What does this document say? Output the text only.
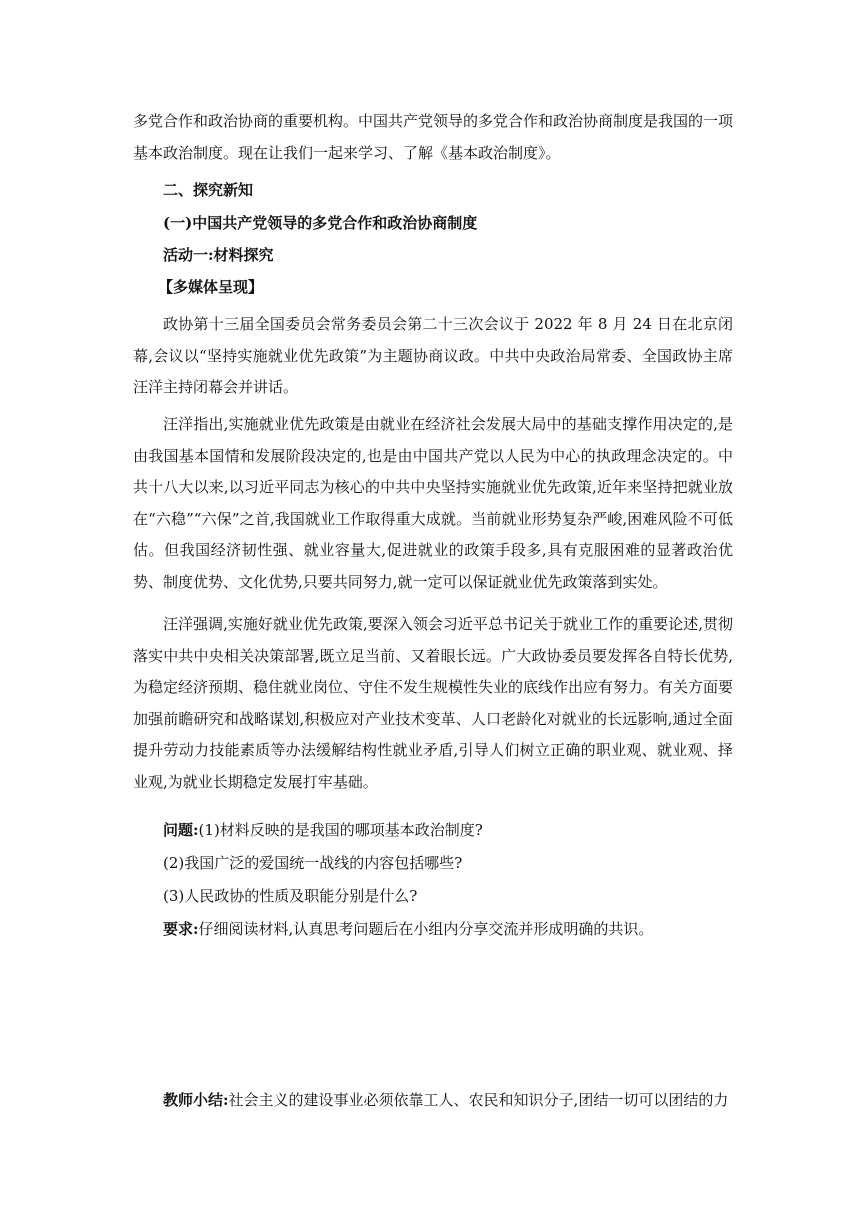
多党合作和政治协商的重要机构。中国共产党领导的多党合作和政治协商制度是我国的一项基本政治制度。现在让我们一起来学习、了解《基本政治制度》。
二、探究新知
(一)中国共产党领导的多党合作和政治协商制度
活动一:材料探究
【多媒体呈现】
政协第十三届全国委员会常务委员会第二十三次会议于 2022 年 8 月 24 日在北京闭幕,会议以“坚持实施就业优先政策”为主题协商议政。中共中央政治局常委、全国政协主席汪洋主持闭幕会并讲话。
汪洋指出,实施就业优先政策是由就业在经济社会发展大局中的基础支撑作用决定的,是由我国基本国情和发展阶段决定的,也是由中国共产党以人民为中心的执政理念决定的。中共十八大以来,以习近平同志为核心的中共中央坚持实施就业优先政策,近年来坚持把就业放在“六稳”“六保”之首,我国就业工作取得重大成就。当前就业形势复杂严峻,困难风险不可低估。但我国经济韧性强、就业容量大,促进就业的政策手段多,具有克服困难的显著政治优势、制度优势、文化优势,只要共同努力,就一定可以保证就业优先政策落到实处。
汪洋强调,实施好就业优先政策,要深入领会习近平总书记关于就业工作的重要论述,贯彻落实中共中央相关决策部署,既立足当前、又着眼长远。广大政协委员要发挥各自特长优势,为稳定经济预期、稳住就业岗位、守住不发生规模性失业的底线作出应有努力。有关方面要加强前瞻研究和战略谋划,积极应对产业技术变革、人口老龄化对就业的长远影响,通过全面提升劳动力技能素质等办法缓解结构性就业矛盾,引导人们树立正确的职业观、就业观、择业观,为就业长期稳定发展打牢基础。
问题:(1)材料反映的是我国的哪项基本政治制度?
(2)我国广泛的爱国统一战线的内容包括哪些?
(3)人民政协的性质及职能分别是什么?
要求:仔细阅读材料,认真思考问题后在小组内分享交流并形成明确的共识。
教师小结:社会主义的建设事业必须依靠工人、农民和知识分子,团结一切可以团结的力
